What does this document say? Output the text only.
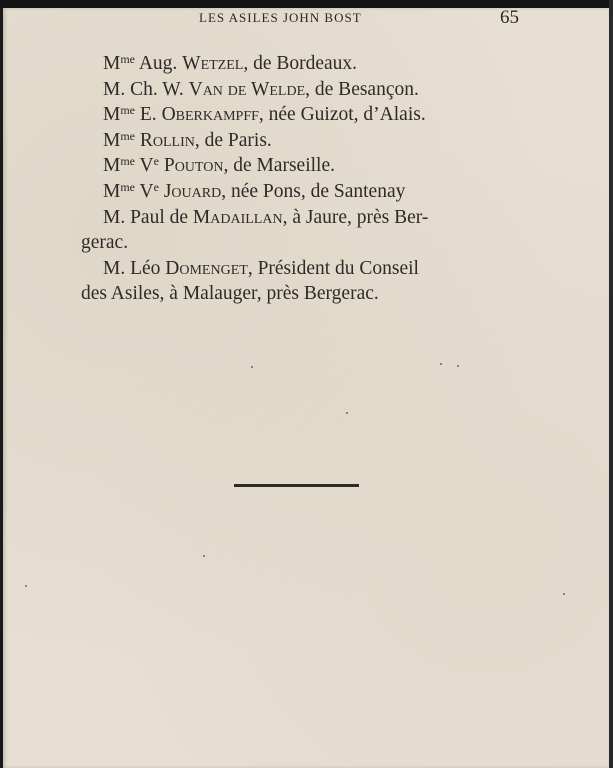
LES ASILES JOHN BOST	65
$M^{me}$ Aug. Wetzel, de Bordeaux.
M. Ch. W. Van de Welde, de Besançon.
$M^{me}$ E. Oberkampff, née Guizot, d’Alais.
$M^{me}$ Rollin, de Paris.
$M^{me}$ Ve Pouton, de Marseille.
$M^{me}$ Ve Jouard, née Pons, de Santenay
M. Paul de Madaillan, à Jaure, près Ber-
gerac.
M. Léo Domenget, Président du Conseil
des Asiles, à Malauger, près Bergerac.
